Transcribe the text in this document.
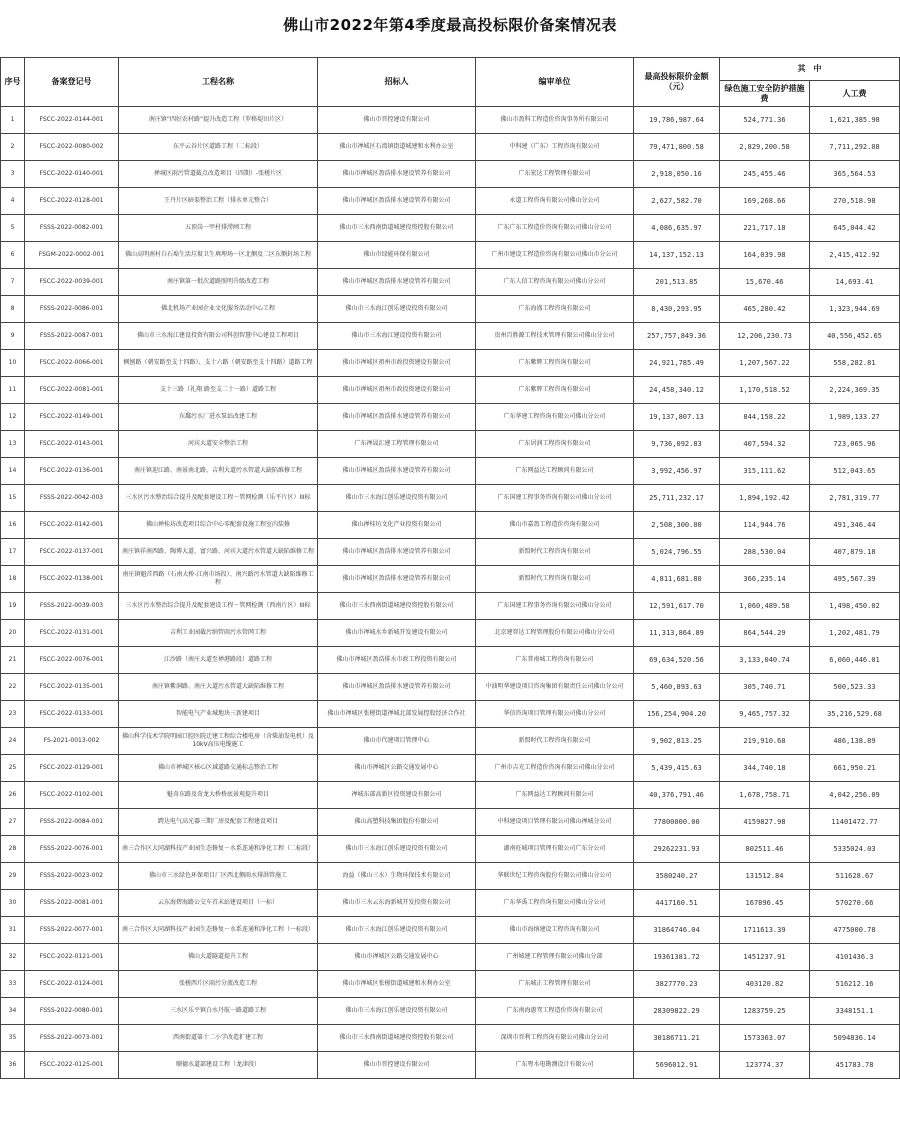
佛山市2022年第4季度最高投标限价备案情况表
序号	备案登记号	工程名称	招标人	编审单位	最高投标限价金额（元）	其　中	
						绿色施工安全防护措施费	人工费
1	FSCC-2022-0144-001	南庄镇“四好农村路”提升改造工程（罗格堤田片区）	佛山市晋控建设有限公司	佛山市盈科工程造价咨询事务所有限公司	19,786,987.64	524,771.36	1,621,385.98
2	FSCC-2022-0080-002	东平云谷片区道路工程（二标段）	佛山市禅城区石湾镇街道城建和水利办公室	中科建（广东）工程咨询有限公司	79,471,800.58	2,829,200.58	7,711,292.08
3	FSCC-2022-0140-001	禅城区雨污管道截点改造项目（四期）-张槎片区	佛山市禅城区盈浩排水建设管养有限公司	广东宏达工程管理有限公司	2,918,050.16	245,455.46	365,564.53
4	FSCC-2022-0128-001	王丹片区暗渠整治工程（排水单元整合）	佛山市禅城区盈浩排水建设管养有限公司	永道工程咨询有限公司佛山分公司	2,627,582.70	169,268.66	270,518.98
5	FSSS-2022-0082-001	五顶岗一甲村排涝闸工程	佛山市三水西南街道城建投资控股有限公司	广东广东工程造价咨询有限公司佛山分公司	4,086,635.97	221,717.18	645,044.42
6	FSGM-2022-0002-001	佛山高明南村白石埠生活垃圾卫生填埋场一区北侧及二区东侧封场工程	佛山市绿能环保有限公司	广州市建设工程造价咨询有限公司佛山市分公司	14,137,152.13	164,039.98	2,415,412.92
7	FSCC-2022-0039-001	南庄镇第一批次道路照明升级改造工程	佛山市禅城区盈浩排水建设管养有限公司	广东人信工程咨询有限公司佛山分公司	201,513.85	15,670.46	14,693.41
8	FSSS-2022-0086-001	佛北机场产业园企业文化服务活动中心工程	佛山市三水海江创乐建设投资有限公司	广东海盛工程咨询有限公司	8,430,293.95	465,280.42	1,323,944.69
9	FSSS-2022-0087-001	佛山市三水海江建设投资有限公司科创智慧中心建设工程项目	佛山市三水海江建设投资有限公司	贵州百胜源工程技术管理有限公司佛山分公司	257,757,849.36	12,206,230.73	40,556,452.65
10	FSCC-2022-0066-001	枫刨路（朝安路至支十四路）、支十六路（朝安路至支十四路）道路工程	佛山市禅城区祖州市政投资建设有限公司	广东紫辉工程咨询有限公司	24,921,785.49	1,207,567.22	558,282.81
11	FSCC-2022-0081-001	支十三路（礼翔 路至支二十一路）道路工程	佛山市禅城区祖州市政投资建设有限公司	广东紫辉工程咨询有限公司	24,458,340.12	1,170,518.52	2,224,369.35
12	FSCC-2022-0149-001	东鄱污水厂进水泵站改建工程	佛山市禅城区盈浩排水建设管养有限公司	广东华建工程咨询有限公司佛山分公司	19,137,807.13	844,158.22	1,989,133.27
13	FSCC-2022-0143-001	河宾大道安全整治工程	广东禅晟汇建工程管理有限公司	广东居润工程咨询有限公司	9,736,092.83	407,594.32	723,065.96
14	FSCC-2022-0136-001	南庄镇迎江路、南景南北路、吉利大道污水管道大缺陷维修工程	佛山市禅城区盈浩排水建设管养有限公司	广东网益达工程顾问有限公司	3,992,456.97	315,111.62	512,043.65
15	FSSS-2022-0042-003	三水区污水整治综合提升及配套建设工程－管网检测（乐平片区）III标	佛山市三水海江创乐建设投资有限公司	广东国建工程事务咨询有限公司佛山分公司	25,711,232.17	1,894,192.42	2,781,319.77
16	FSCC-2022-0142-001	佛山禅桂坊改造项目综合中心零配套设施工程室内装修	佛山禅桂坊文化产业投资有限公司	佛山市嘉盈工程造价咨询有限公司	2,508,300.00	114,944.76	491,346.44
17	FSCC-2022-0137-001	南庄镇祥南西路、陶博大道、富兴路、河宾大道污水管道大缺陷维修工程	佛山市禅城区盈浩排水建设管养有限公司	新盟时代工程咨询有限公司	5,024,796.55	288,530.04	407,879.18
18	FSCC-2022-0138-001	南庄镇魁首西路（石南大桥-江南市场段）、南兴路污水管道大缺陷维修工程	佛山市禅城区盈浩排水建设管养有限公司	新盟时代工程咨询有限公司	4,811,681.80	366,235.14	495,567.39
19	FSSS-2022-0039-003	三水区污水整治综合提升及配套建设工程－管网检测（西南片区）III标	佛山市三水西南街道城建投资控股有限公司	广东国建工程事务咨询有限公司佛山分公司	12,591,617.70	1,060,489.58	1,498,450.02
20	FSCC-2022-0131-001	吉利工业园截污纳管雨污水管网工程	佛山市禅城水乡新城开发建设有限公司	北京建智达工程管理股份有限公司佛山分公司	11,313,864.89	864,544.29	1,202,481.79
21	FSCC-2022-0076-001	江沙路（南庄大道至禅港路段）道路工程	佛山市禅城区盈浩排水市政工程投资有限公司	广东普南城工程咨询有限公司	69,634,520.56	3,133,040.74	6,060,446.01
22	FSCC-2022-0135-001	南庄镇紫洞路、南庄大道污水管道大缺陷维修工程	佛山市禅城区盈浩排水建设管养有限公司	中油明华建设项目咨询集团有限责任公司佛山分公司	5,460,893.63	305,740.71	500,523.33
23	FSCC-2022-0133-001	智能电气产业城地块三新建项目	佛山市禅城区张槎街道禅城北部发展控股经济合作社	华信咨询项目管理有限公司佛山分公司	156,254,904.20	9,465,757.32	35,216,529.68
24	FS-2021-0013-002	佛山科学技术学院明园口腔医院迁建工程综合楼电房（含柴油发电机）及10kV高压电缆施工	佛山市代建项目管理中心	新盟时代工程咨询有限公司	9,902,813.25	219,910.68	486,138.89
25	FSCC-2022-0129-001	佛山市禅城区核心区域道路交通标志整治工程	佛山市禅城区公路交通发展中心	广州市吉光工程造价咨询有限公司佛山分公司	5,439,415.63	344,740.18	661,950.21
26	FSCC-2022-0102-001	魁奇东路及奇龙大桥桥底景观提升项目	禅城东部高新区投资建设有限公司	广东网益达工程顾问有限公司	40,376,791.46	1,678,758.71	4,042,256.09
27	FSSS-2022-0084-001	跨达电气高光器三期厂房及配套工程建设项目	佛山高塑科技集团股份有限公司	中科建设项目管理有限公司佛山禅城分公司	77800000.00	4159827.98	11401472.77
28	FSSS-2022-0076-001	南三合作区大同湖科技产业园生态修复－水系连通和净化工程（二标段）	佛山市三水海江创乐建设投资有限公司	湖南旺城项目管理有限公司广东分公司	29262231.93	802511.46	5335024.03
29	FSSS-2022-0023-002	佛山市三水绿色环保项目厂区西北侧雨水排洪管施工	海益（佛山三水）生物环保技术有限公司	华联世纪工程咨询股份有限公司佛山分公司	3580240.27	131512.84	511628.67
30	FSSS-2022-0081-001	云东海碧海路公交车首末站建设项目（一标）	佛山市三水云东海新城开发投资有限公司	广东华禹工程咨询有限公司佛山分公司	4417160.51	167896.45	570270.66
31	FSSS-2022-0077-001	南三合作区大同湖科技产业园生态修复－水系连通和净化工程（一标段）	佛山市三水海江创乐建设投资有限公司	佛山市海纳建设工程咨询有限公司	31864746.04	1711613.39	4775000.78
32	FSCC-2022-0121-001	佛山大道隧道提升工程	佛山市禅城区公路交通发展中心	广州城建工程管理有限公司佛山分部	19361381.72	1451237.91	4101436.3
33	FSCC-2022-0124-001	张槎西片区雨污分流改造工程	佛山市禅城区张槎街道城建和水利办公室	广东城正工程管理有限公司	3827770.23	403120.82	516212.16
34	FSSS-2022-0080-001	三水区乐平镇白水丹航一路道路工程	佛山市三水海江创乐建设投资有限公司	广东南海惠驾工程造价咨询有限公司	28309822.29	1283759.25	3348151.1
35	FSSS-2022-0073-001	西南街道第十二小学改造扩建工程	佛山市三水西南街道城建投资控股有限公司	深圳市晋利工程咨询有限公司佛山分公司	30186711.21	1573363.07	5094836.14
36	FSCC-2022-0125-001	顺德水道部建设工程（龙津段）	佛山市晋控建设有限公司	广东粤水电勘测设计有限公司	5696012.91	123774.37	451783.78
